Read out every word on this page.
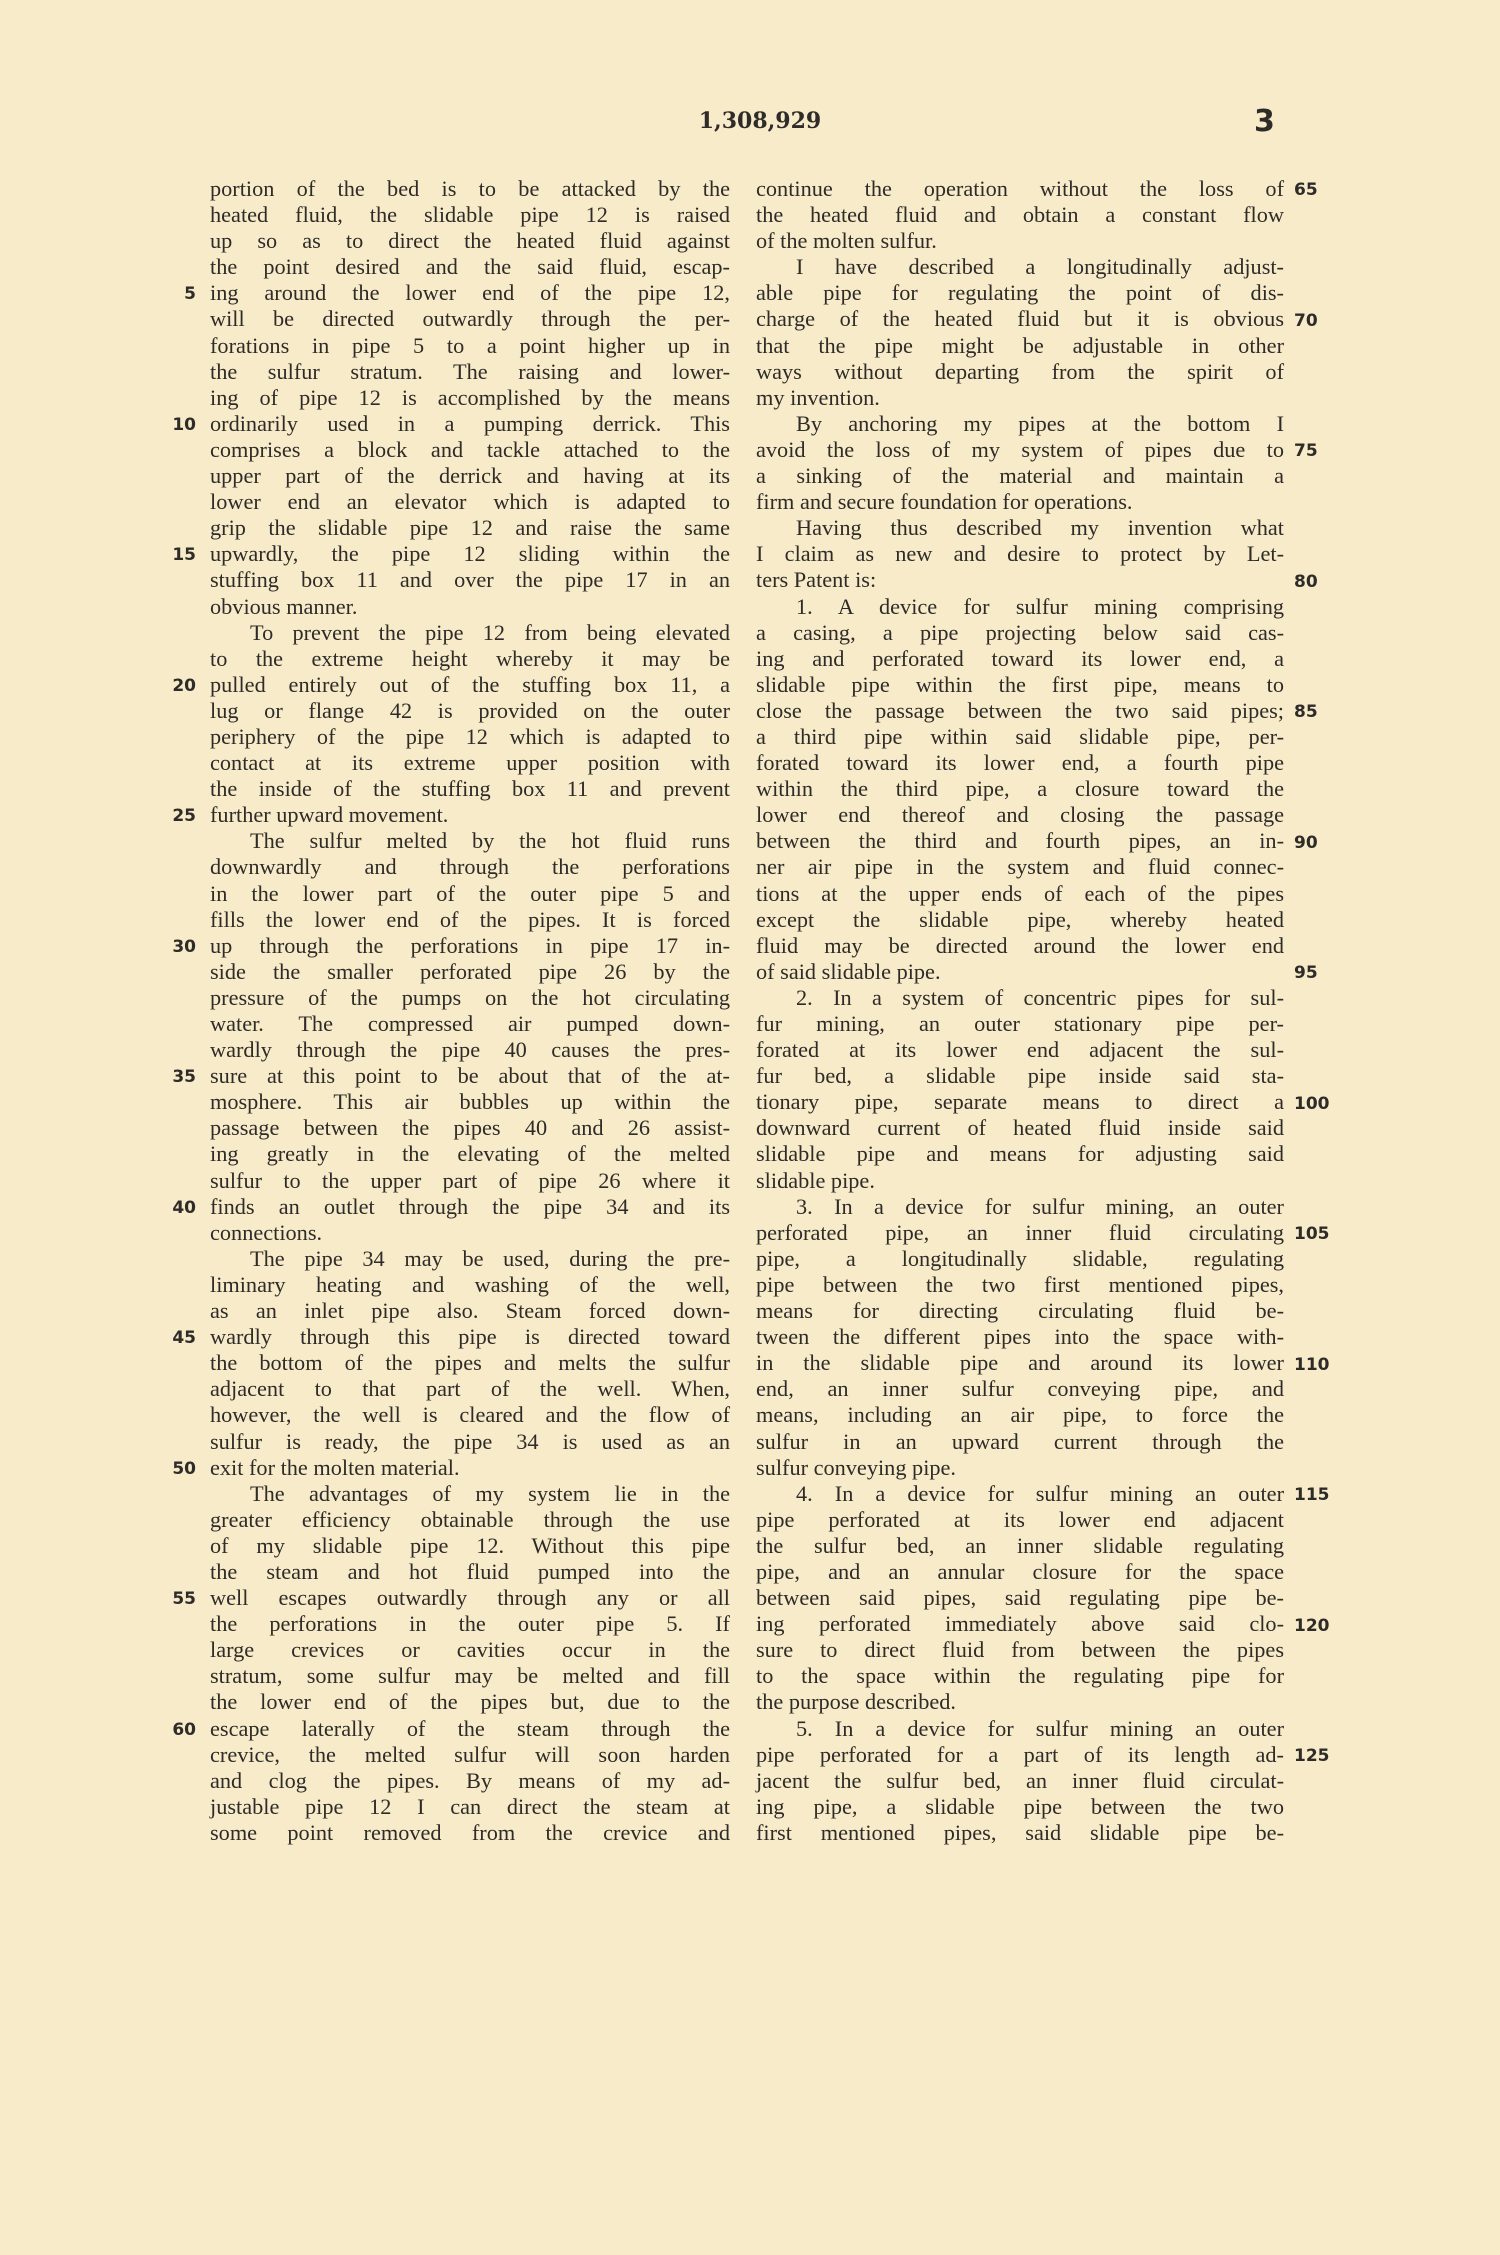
1,308,929	3
portion of the bed is to be attacked by the
heated fluid, the slidable pipe 12 is raised
up so as to direct the heated fluid against
the point desired and the said fluid, escap-
ing around the lower end of the pipe 12,
will be directed outwardly through the per-
forations in pipe 5 to a point higher up in
the sulfur stratum. The raising and lower-
ing of pipe 12 is accomplished by the means
ordinarily used in a pumping derrick. This
comprises a block and tackle attached to the
upper part of the derrick and having at its
lower end an elevator which is adapted to
grip the slidable pipe 12 and raise the same
upwardly, the pipe 12 sliding within the
stuffing box 11 and over the pipe 17 in an
obvious manner.
To prevent the pipe 12 from being elevated
to the extreme height whereby it may be
pulled entirely out of the stuffing box 11, a
lug or flange 42 is provided on the outer
periphery of the pipe 12 which is adapted to
contact at its extreme upper position with
the inside of the stuffing box 11 and prevent
further upward movement.
The sulfur melted by the hot fluid runs
downwardly and through the perforations
in the lower part of the outer pipe 5 and
fills the lower end of the pipes. It is forced
up through the perforations in pipe 17 in-
side the smaller perforated pipe 26 by the
pressure of the pumps on the hot circulating
water. The compressed air pumped down-
wardly through the pipe 40 causes the pres-
sure at this point to be about that of the at-
mosphere. This air bubbles up within the
passage between the pipes 40 and 26 assist-
ing greatly in the elevating of the melted
sulfur to the upper part of pipe 26 where it
finds an outlet through the pipe 34 and its
connections.
The pipe 34 may be used, during the pre-
liminary heating and washing of the well,
as an inlet pipe also. Steam forced down-
wardly through this pipe is directed toward
the bottom of the pipes and melts the sulfur
adjacent to that part of the well. When,
however, the well is cleared and the flow of
sulfur is ready, the pipe 34 is used as an
exit for the molten material.
The advantages of my system lie in the
greater efficiency obtainable through the use
of my slidable pipe 12. Without this pipe
the steam and hot fluid pumped into the
well escapes outwardly through any or all
the perforations in the outer pipe 5. If
large crevices or cavities occur in the
stratum, some sulfur may be melted and fill
the lower end of the pipes but, due to the
escape laterally of the steam through the
crevice, the melted sulfur will soon harden
and clog the pipes. By means of my ad-
justable pipe 12 I can direct the steam at
some point removed from the crevice and
continue the operation without the loss of
the heated fluid and obtain a constant flow
of the molten sulfur.
I have described a longitudinally adjust-
able pipe for regulating the point of dis-
charge of the heated fluid but it is obvious
that the pipe might be adjustable in other
ways without departing from the spirit of
my invention.
By anchoring my pipes at the bottom I
avoid the loss of my system of pipes due to
a sinking of the material and maintain a
firm and secure foundation for operations.
Having thus described my invention what
I claim as new and desire to protect by Let-
ters Patent is:
1. A device for sulfur mining comprising
a casing, a pipe projecting below said cas-
ing and perforated toward its lower end, a
slidable pipe within the first pipe, means to
close the passage between the two said pipes;
a third pipe within said slidable pipe, per-
forated toward its lower end, a fourth pipe
within the third pipe, a closure toward the
lower end thereof and closing the passage
between the third and fourth pipes, an in-
ner air pipe in the system and fluid connec-
tions at the upper ends of each of the pipes
except the slidable pipe, whereby heated
fluid may be directed around the lower end
of said slidable pipe.
2. In a system of concentric pipes for sul-
fur mining, an outer stationary pipe per-
forated at its lower end adjacent the sul-
fur bed, a slidable pipe inside said sta-
tionary pipe, separate means to direct a
downward current of heated fluid inside said
slidable pipe and means for adjusting said
slidable pipe.
3. In a device for sulfur mining, an outer
perforated pipe, an inner fluid circulating
pipe, a longitudinally slidable, regulating
pipe between the two first mentioned pipes,
means for directing circulating fluid be-
tween the different pipes into the space with-
in the slidable pipe and around its lower
end, an inner sulfur conveying pipe, and
means, including an air pipe, to force the
sulfur in an upward current through the
sulfur conveying pipe.
4. In a device for sulfur mining an outer
pipe perforated at its lower end adjacent
the sulfur bed, an inner slidable regulating
pipe, and an annular closure for the space
between said pipes, said regulating pipe be-
ing perforated immediately above said clo-
sure to direct fluid from between the pipes
to the space within the regulating pipe for
the purpose described.
5. In a device for sulfur mining an outer
pipe perforated for a part of its length ad-
jacent the sulfur bed, an inner fluid circulat-
ing pipe, a slidable pipe between the two
first mentioned pipes, said slidable pipe be-
5
10
15
20
25
30
35
40
45
50
55
60
65
70
75
80
85
90
95
100
105
110
115
120
125
